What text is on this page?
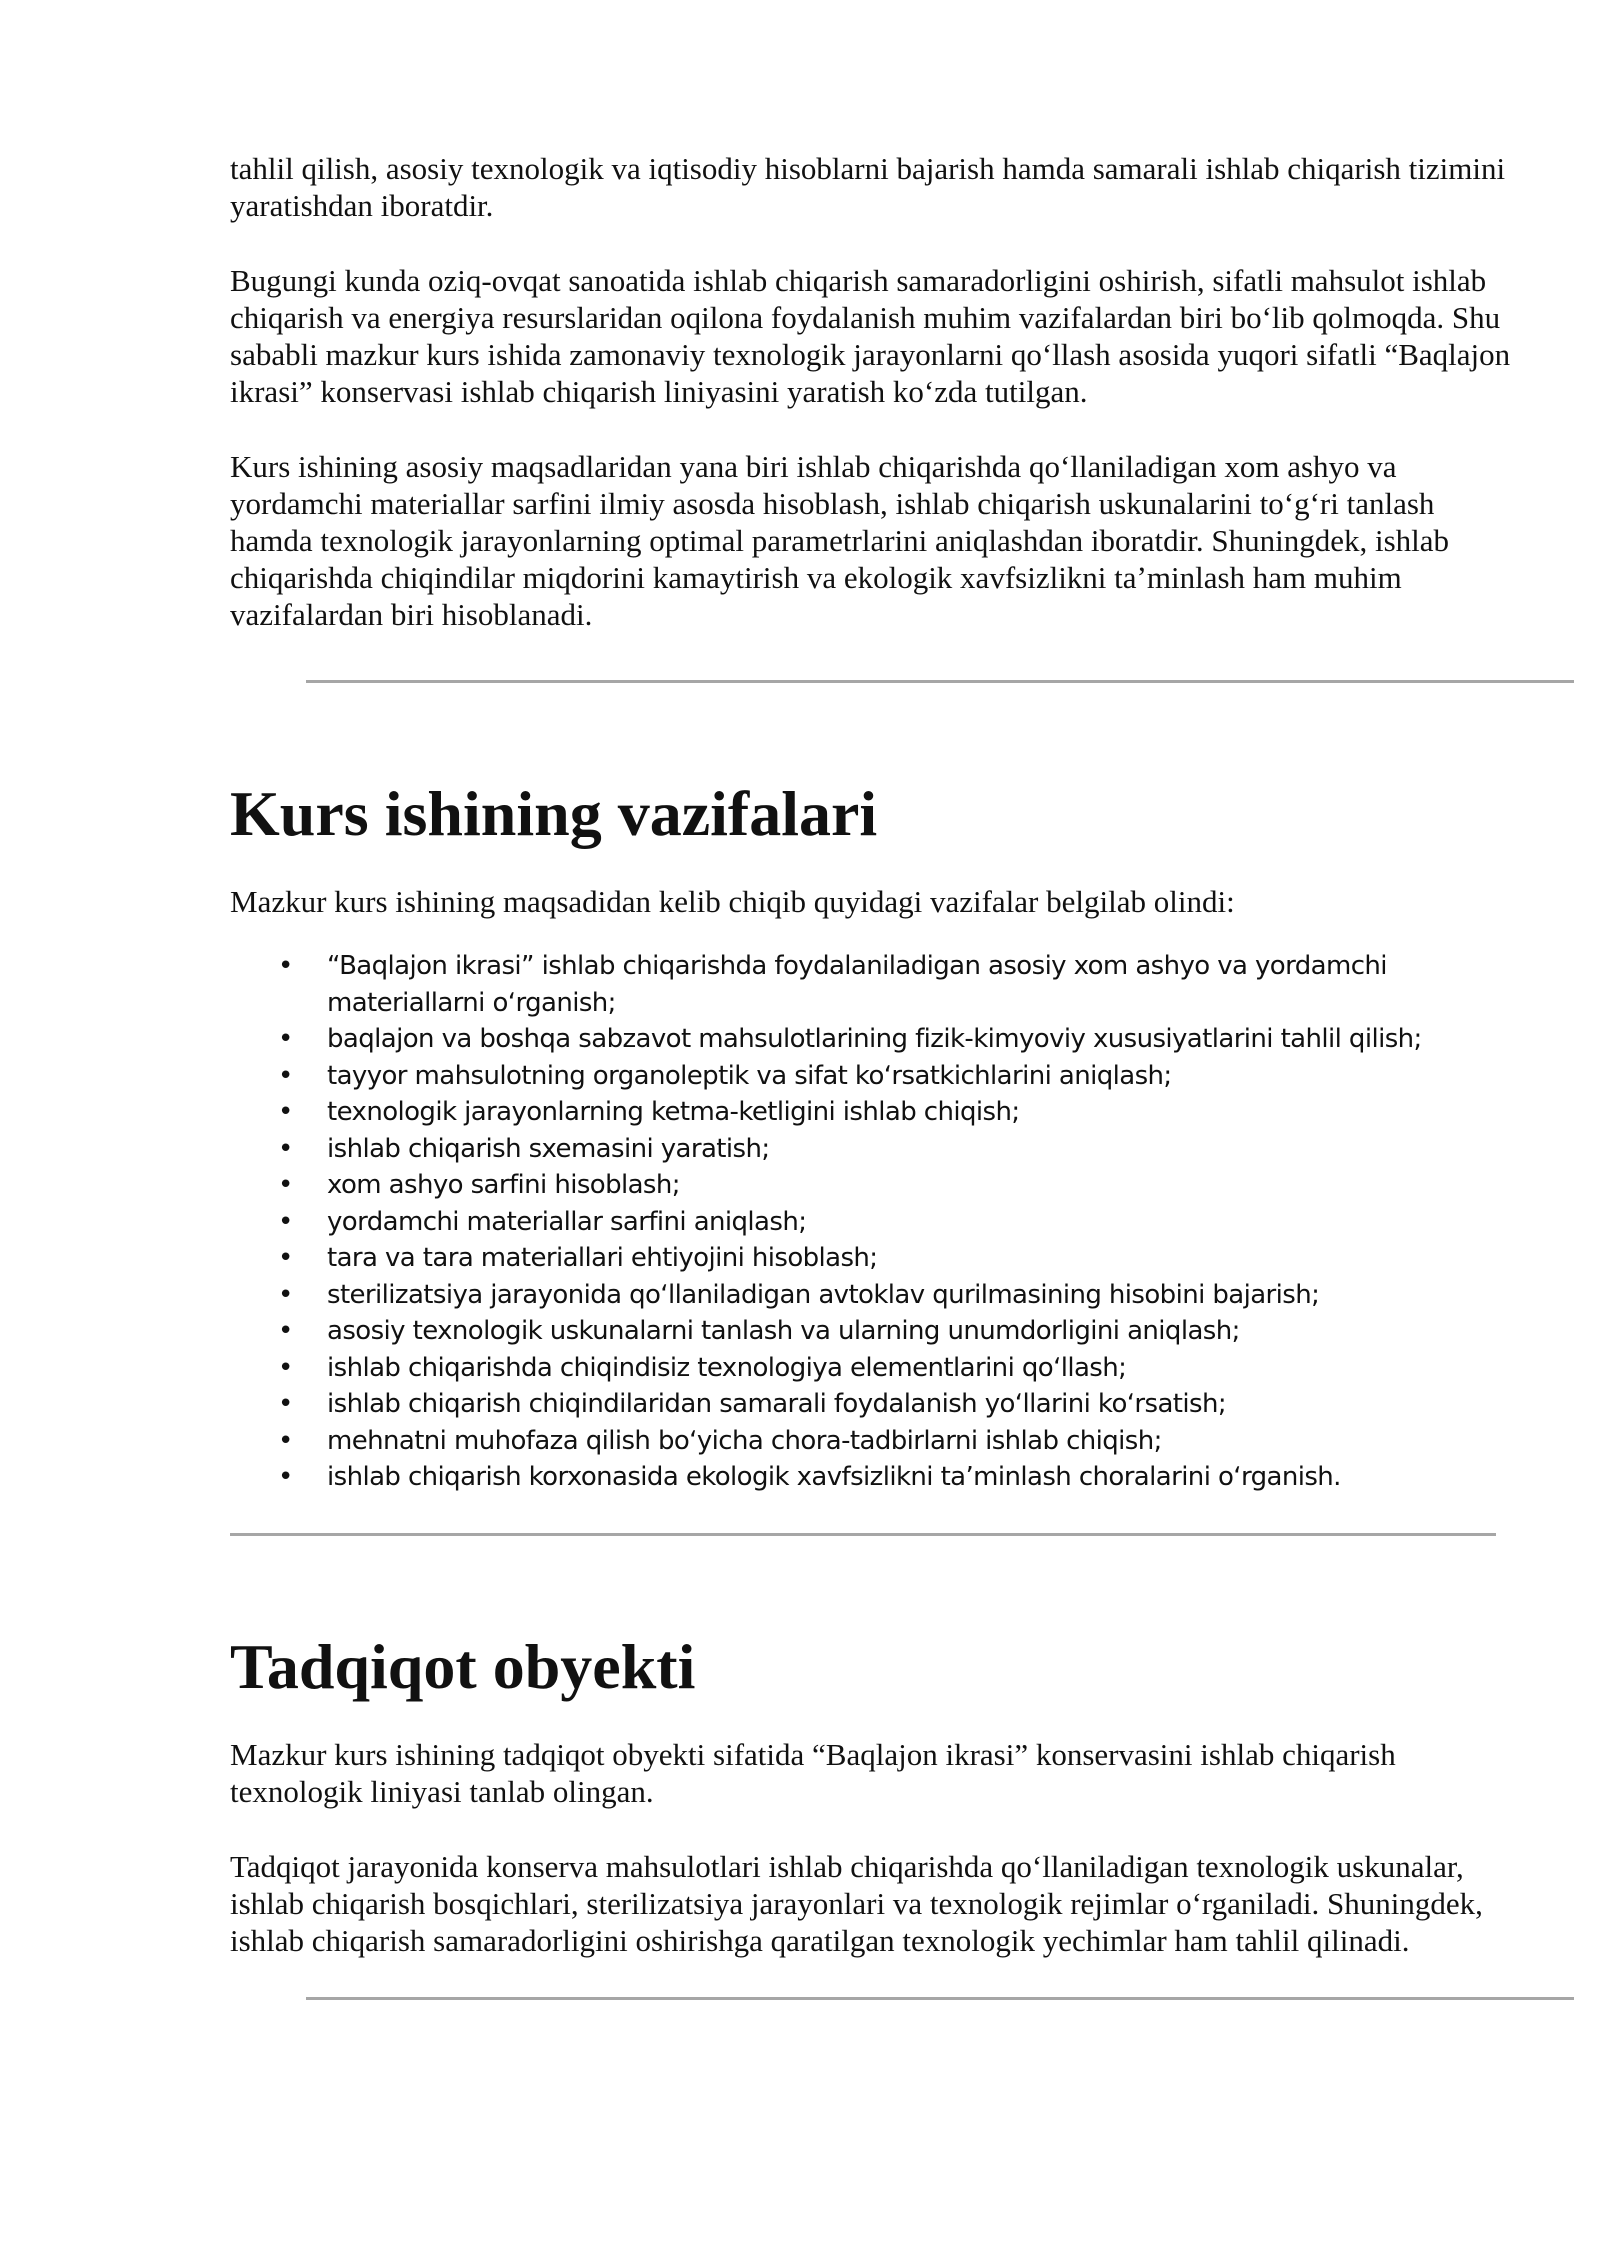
tahlil qilish, asosiy texnologik va iqtisodiy hisoblarni bajarish hamda samarali ishlab chiqarish tizimini yaratishdan iboratdir.

Bugungi kunda oziq-ovqat sanoatida ishlab chiqarish samaradorligini oshirish, sifatli mahsulot ishlab chiqarish va energiya resurslaridan oqilona foydalanish muhim vazifalardan biri boʻlib qolmoqda. Shu sababli mazkur kurs ishida zamonaviy texnologik jarayonlarni qoʻllash asosida yuqori sifatli “Baqlajon ikrasi” konservasi ishlab chiqarish liniyasini yaratish koʻzda tutilgan.

Kurs ishining asosiy maqsadlaridan yana biri ishlab chiqarishda qoʻllaniladigan xom ashyo va yordamchi materiallar sarfini ilmiy asosda hisoblash, ishlab chiqarish uskunalarini toʻgʻri tanlash hamda texnologik jarayonlarning optimal parametrlarini aniqlashdan iboratdir. Shuningdek, ishlab chiqarishda chiqindilar miqdorini kamaytirish va ekologik xavfsizlikni taʼminlash ham muhim vazifalardan biri hisoblanadi.

Kurs ishining vazifalari

Mazkur kurs ishining maqsadidan kelib chiqib quyidagi vazifalar belgilab olindi:

• “Baqlajon ikrasi” ishlab chiqarishda foydalaniladigan asosiy xom ashyo va yordamchi materiallarni oʻrganish;
• baqlajon va boshqa sabzavot mahsulotlarining fizik-kimyoviy xususiyatlarini tahlil qilish;
• tayyor mahsulotning organoleptik va sifat koʻrsatkichlarini aniqlash;
• texnologik jarayonlarning ketma-ketligini ishlab chiqish;
• ishlab chiqarish sxemasini yaratish;
• xom ashyo sarfini hisoblash;
• yordamchi materiallar sarfini aniqlash;
• tara va tara materiallari ehtiyojini hisoblash;
• sterilizatsiya jarayonida qoʻllaniladigan avtoklav qurilmasining hisobini bajarish;
• asosiy texnologik uskunalarni tanlash va ularning unumdorligini aniqlash;
• ishlab chiqarishda chiqindisiz texnologiya elementlarini qoʻllash;
• ishlab chiqarish chiqindilaridan samarali foydalanish yoʻllarini koʻrsatish;
• mehnatni muhofaza qilish boʻyicha chora-tadbirlarni ishlab chiqish;
• ishlab chiqarish korxonasida ekologik xavfsizlikni taʼminlash choralarini oʻrganish.
Tadqiqot obyekti

Mazkur kurs ishining tadqiqot obyekti sifatida “Baqlajon ikrasi” konservasini ishlab chiqarish texnologik liniyasi tanlab olingan.

Tadqiqot jarayonida konserva mahsulotlari ishlab chiqarishda qoʻllaniladigan texnologik uskunalar, ishlab chiqarish bosqichlari, sterilizatsiya jarayonlari va texnologik rejimlar oʻrganiladi. Shuningdek, ishlab chiqarish samaradorligini oshirishga qaratilgan texnologik yechimlar ham tahlil qilinadi.
